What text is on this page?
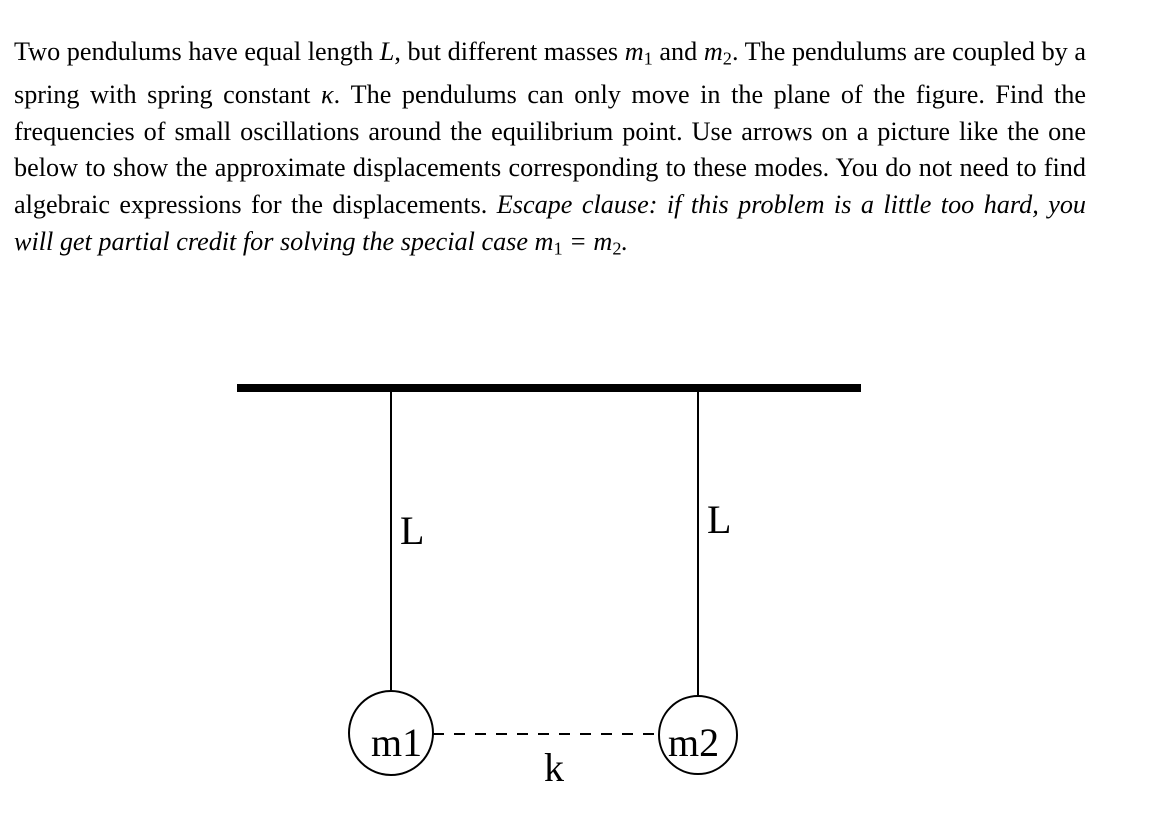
Two pendulums have equal length L, but different masses $m_1$ and $m_2$. The pendulums are coupled by a spring with spring constant κ. The pendulums can only move in the plane of the figure. Find the frequencies of small oscillations around the equilibrium point. Use arrows on a picture like the one below to show the approximate displacements corresponding to these modes. You do not need to find algebraic expressions for the displacements. Escape clause: if this problem is a little too hard, you will get partial credit for solving the special case $m_1 = m_2$.
L	L
m1	m2
k
